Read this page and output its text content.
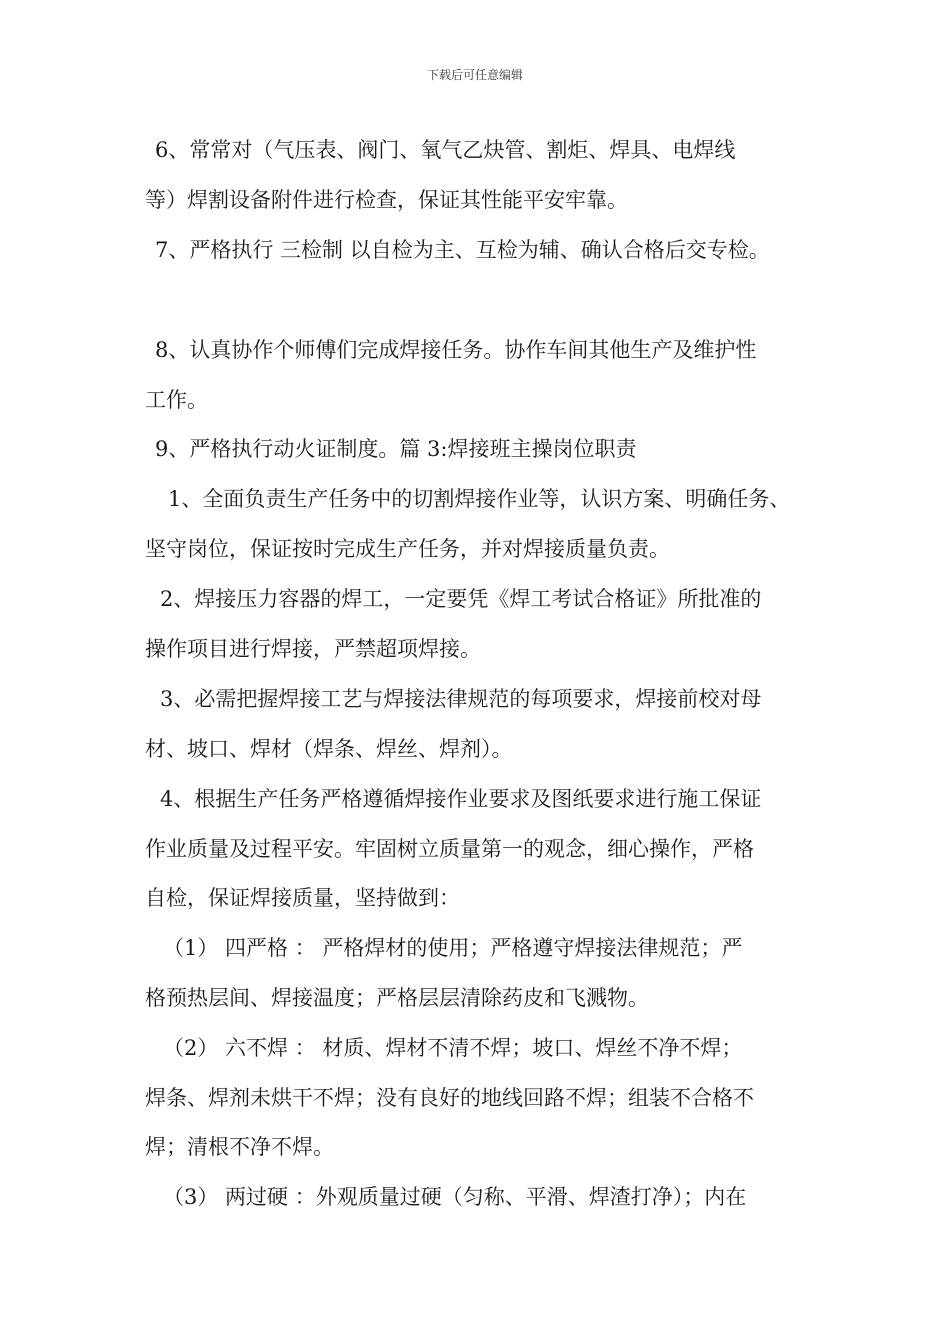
下载后可任意编辑
6、常常对（气压表、阀门、氧气乙炔管、割炬、焊具、电焊线
等）焊割设备附件进行检查，保证其性能平安牢靠。
7、严格执行 三检制 以自检为主、互检为辅、确认合格后交专检。
8、认真协作个师傅们完成焊接任务。协作车间其他生产及维护性
工作。
9、严格执行动火证制度。篇 3:焊接班主操岗位职责
1、全面负责生产任务中的切割焊接作业等，认识方案、明确任务、
坚守岗位，保证按时完成生产任务，并对焊接质量负责。
2、焊接压力容器的焊工，一定要凭《焊工考试合格证》所批准的
操作项目进行焊接，严禁超项焊接。
3、必需把握焊接工艺与焊接法律规范的每项要求，焊接前校对母
材、坡口、焊材（焊条、焊丝、焊剂）。
4、根据生产任务严格遵循焊接作业要求及图纸要求进行施工保证
作业质量及过程平安。牢固树立质量第一的观念，细心操作，严格
自检，保证焊接质量，坚持做到：
（1） 四严格 ： 严格焊材的使用；严格遵守焊接法律规范；严
格预热层间、焊接温度；严格层层清除药皮和飞溅物。
（2） 六不焊 ： 材质、焊材不清不焊；坡口、焊丝不净不焊；
焊条、焊剂未烘干不焊；没有良好的地线回路不焊；组装不合格不
焊；清根不净不焊。
（3） 两过硬 ：外观质量过硬（匀称、平滑、焊渣打净）；内在
